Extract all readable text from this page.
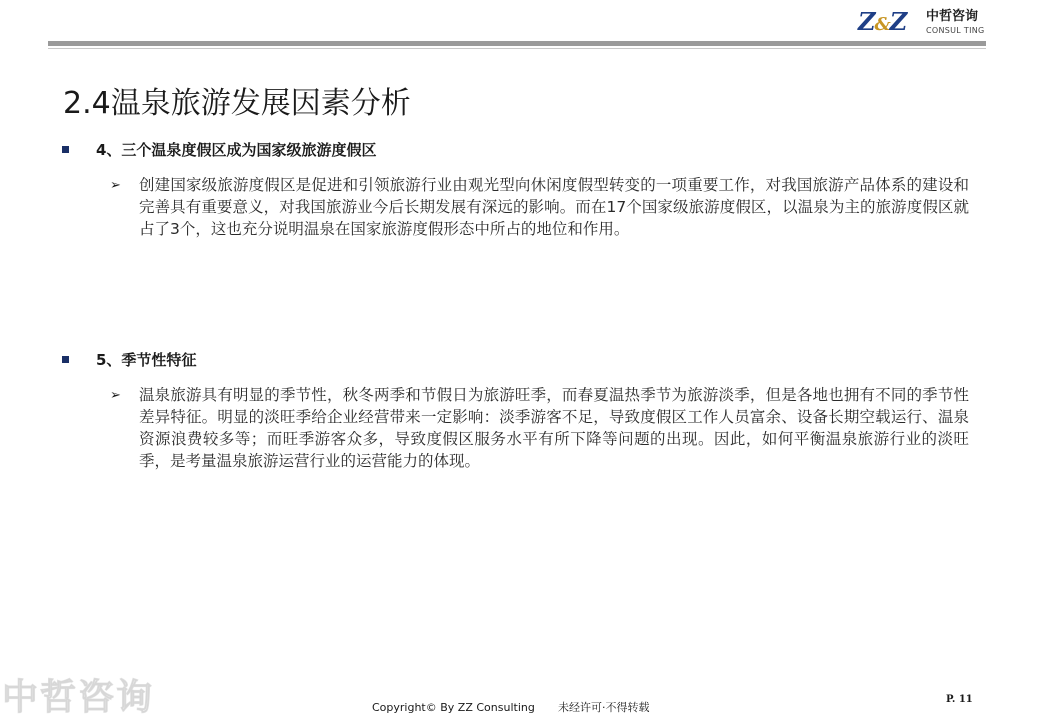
Z&Z 中哲咨询
CONSUL TING
2.4温泉旅游发展因素分析
4、三个温泉度假区成为国家级旅游度假区
➢ 创建国家级旅游度假区是促进和引领旅游行业由观光型向休闲度假型转变的一项重要工作，对我国旅游产品体系的建设和完善具有重要意义，对我国旅游业今后长期发展有深远的影响。而在17个国家级旅游度假区，以温泉为主的旅游度假区就占了3个，这也充分说明温泉在国家旅游度假形态中所占的地位和作用。
5、季节性特征
➢ 温泉旅游具有明显的季节性，秋冬两季和节假日为旅游旺季，而春夏温热季节为旅游淡季，但是各地也拥有不同的季节性差异特征。明显的淡旺季给企业经营带来一定影响：淡季游客不足，导致度假区工作人员富余、设备长期空载运行、温泉资源浪费较多等；而旺季游客众多，导致度假区服务水平有所下降等问题的出现。因此，如何平衡温泉旅游行业的淡旺季，是考量温泉旅游运营行业的运营能力的体现。
中哲咨询	Copyright© By ZZ Consulting 未经许可·不得转载
P. 11
